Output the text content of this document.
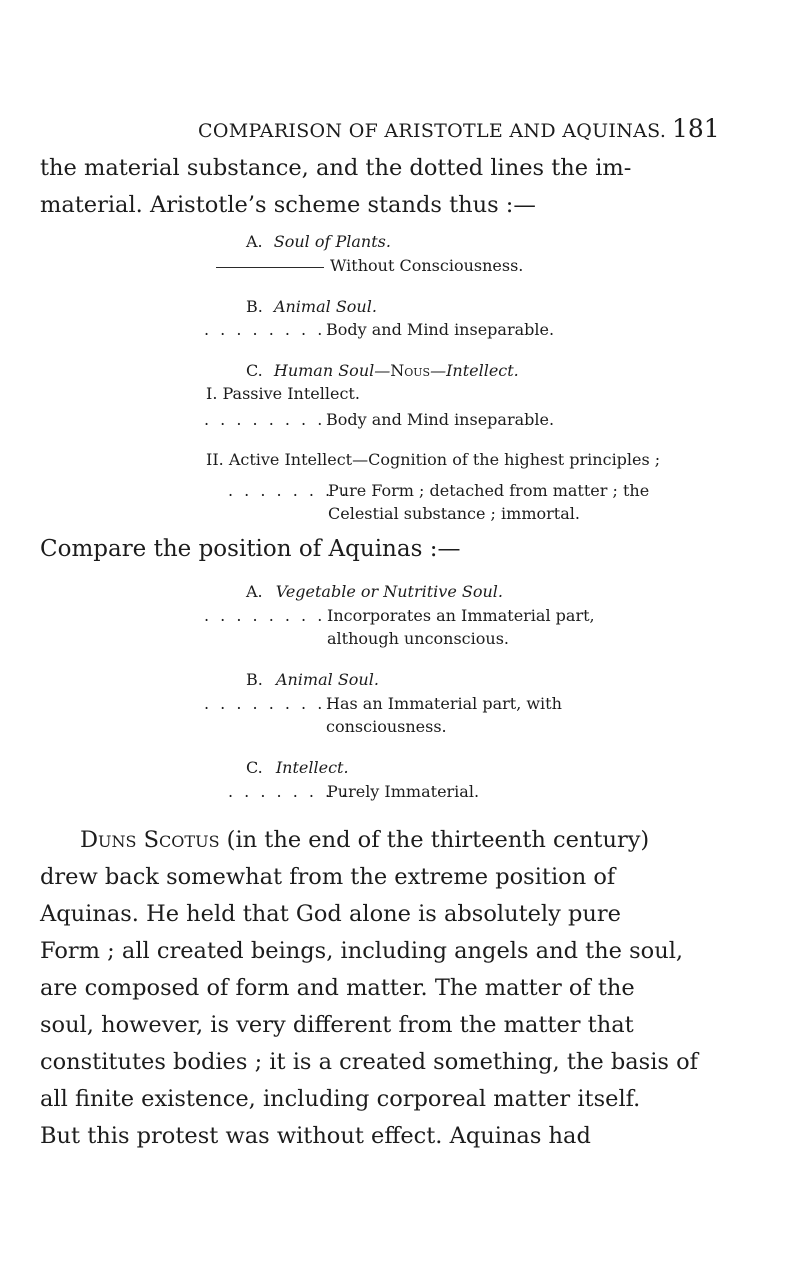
COMPARISON OF ARISTOTLE AND AQUINAS. 181
the material substance, and the dotted lines the im-
material. Aristotle’s scheme stands thus :—
A. Soul of Plants.
Without Consciousness.
B. Animal Soul.
. . . . . . . . Body and Mind inseparable.
C. Human Soul—Nous—Intellect.
I. Passive Intellect.
. . . . . . . . Body and Mind inseparable.
II. Active Intellect—Cognition of the highest principles ;
. . . . . . . .
Pure Form ; detached from matter ; the
Celestial substance ; immortal.
Compare the position of Aquinas :—
A. Vegetable or Nutritive Soul.
. . . . . . . . Incorporates an Immaterial part,
although unconscious.
B. Animal Soul.
. . . . . . . . Has an Immaterial part, with
consciousness.
C. Intellect.
. . . . . . . .
Purely Immaterial.
Duns Scotus (in the end of the thirteenth century)
drew back somewhat from the extreme position of
Aquinas. He held that God alone is absolutely pure
Form ; all created beings, including angels and the soul,
are composed of form and matter. The matter of the
soul, however, is very different from the matter that
constitutes bodies ; it is a created something, the basis of
all finite existence, including corporeal matter itself.
But this protest was without effect. Aquinas had
